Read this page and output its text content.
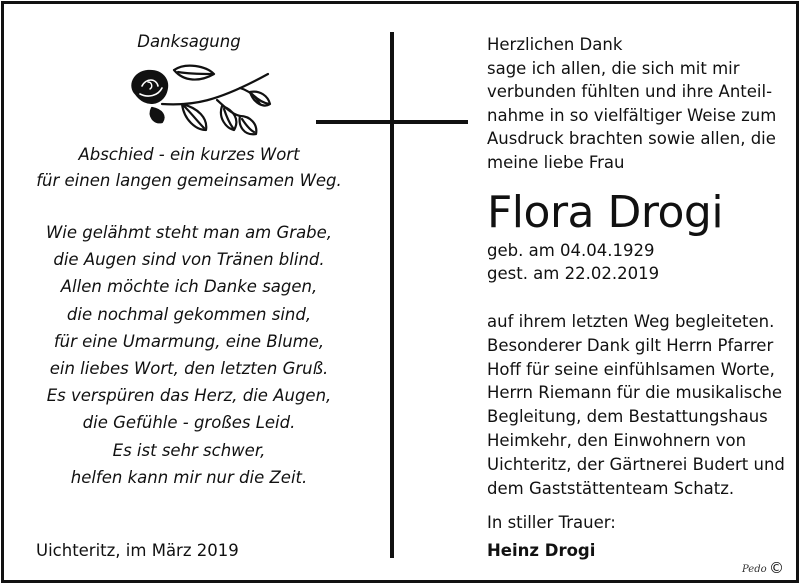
Danksagung
Abschied - ein kurzes Wort
für einen langen gemeinsamen Weg.
Wie gelähmt steht man am Grabe,
die Augen sind von Tränen blind.
Allen möchte ich Danke sagen,
die nochmal gekommen sind,
für eine Umarmung, eine Blume,
ein liebes Wort, den letzten Gruß.
Es verspüren das Herz, die Augen,
die Gefühle - großes Leid.
Es ist sehr schwer,
helfen kann mir nur die Zeit.
Uichteritz, im März 2019
Herzlichen Dank
sage ich allen, die sich mit mir
verbunden fühlten und ihre Anteil-
nahme in so vielfältiger Weise zum
Ausdruck brachten sowie allen, die
meine liebe Frau
Flora Drogi
geb. am 04.04.1929
gest. am 22.02.2019
auf ihrem letzten Weg begleiteten.
Besonderer Dank gilt Herrn Pfarrer
Hoff für seine einfühlsamen Worte,
Herrn Riemann für die musikalische
Begleitung, dem Bestattungshaus
Heimkehr, den Einwohnern von
Uichteritz, der Gärtnerei Budert und
dem Gaststättenteam Schatz.
In stiller Trauer:
Heinz Drogi
Pedo ©
